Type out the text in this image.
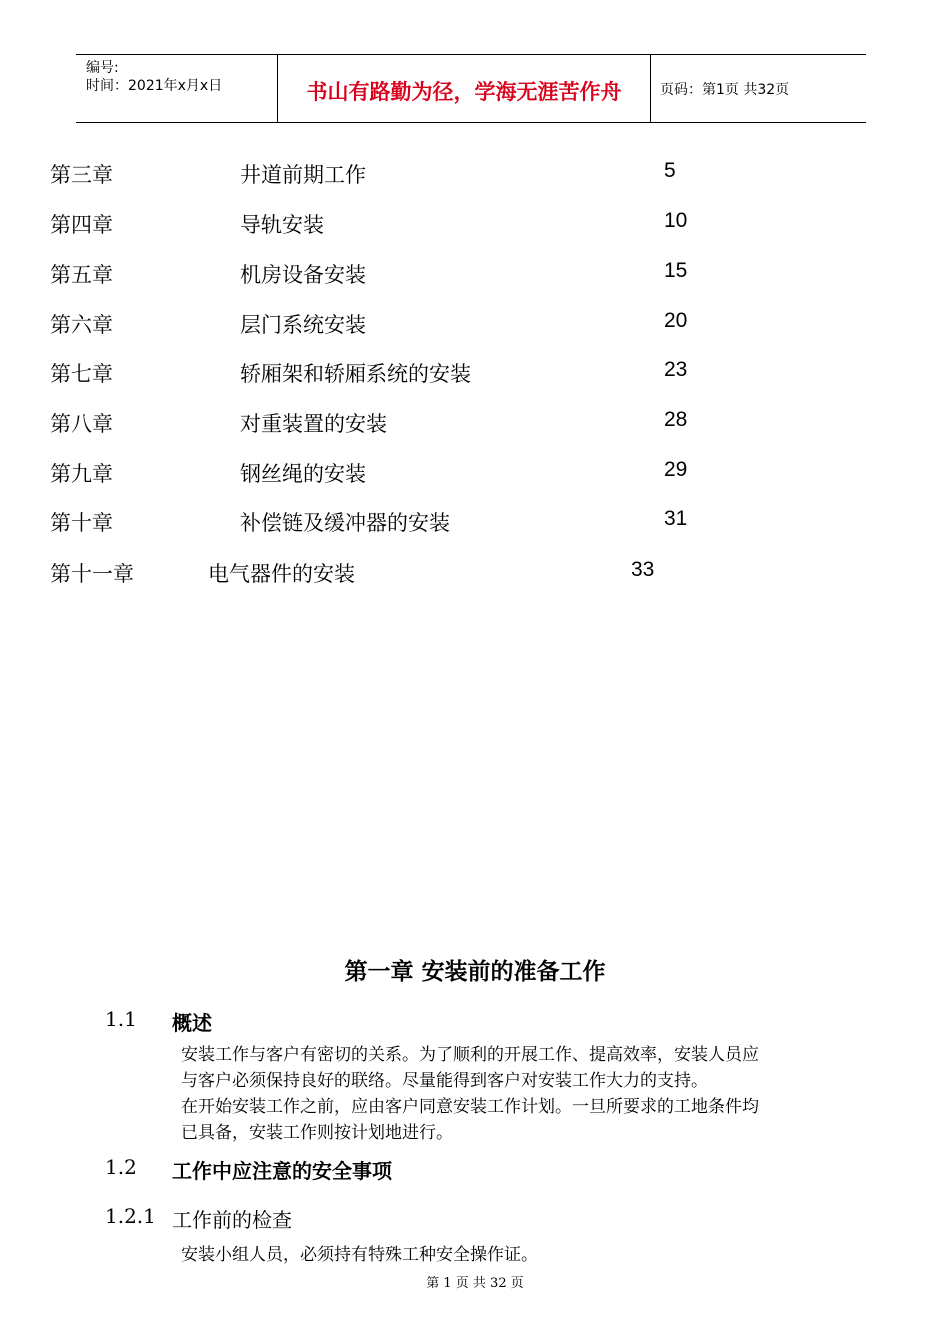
编号:
时间：2021年x月x日	书山有路勤为径，学海无涯苦作舟	页码：第1页 共32页
第三章	井道前期工作	5
第四章	导轨安装	10
第五章	机房设备安装	15
第六章	层门系统安装	20
第七章	轿厢架和轿厢系统的安装	23
第八章	对重装置的安装	28
第九章	钢丝绳的安装	29
第十章	补偿链及缓冲器的安装	31
第十一章	电气器件的安装	33
第一章 安装前的准备工作
1.1 概述
安装工作与客户有密切的关系。为了顺利的开展工作、提高效率，安装人员应
与客户必须保持良好的联络。尽量能得到客户对安装工作大力的支持。
在开始安装工作之前，应由客户同意安装工作计划。一旦所要求的工地条件均
已具备，安装工作则按计划地进行。
1.2 工作中应注意的安全事项
1.2.1 工作前的检查
安装小组人员，必须持有特殊工种安全操作证。
第 1 页 共 32 页
